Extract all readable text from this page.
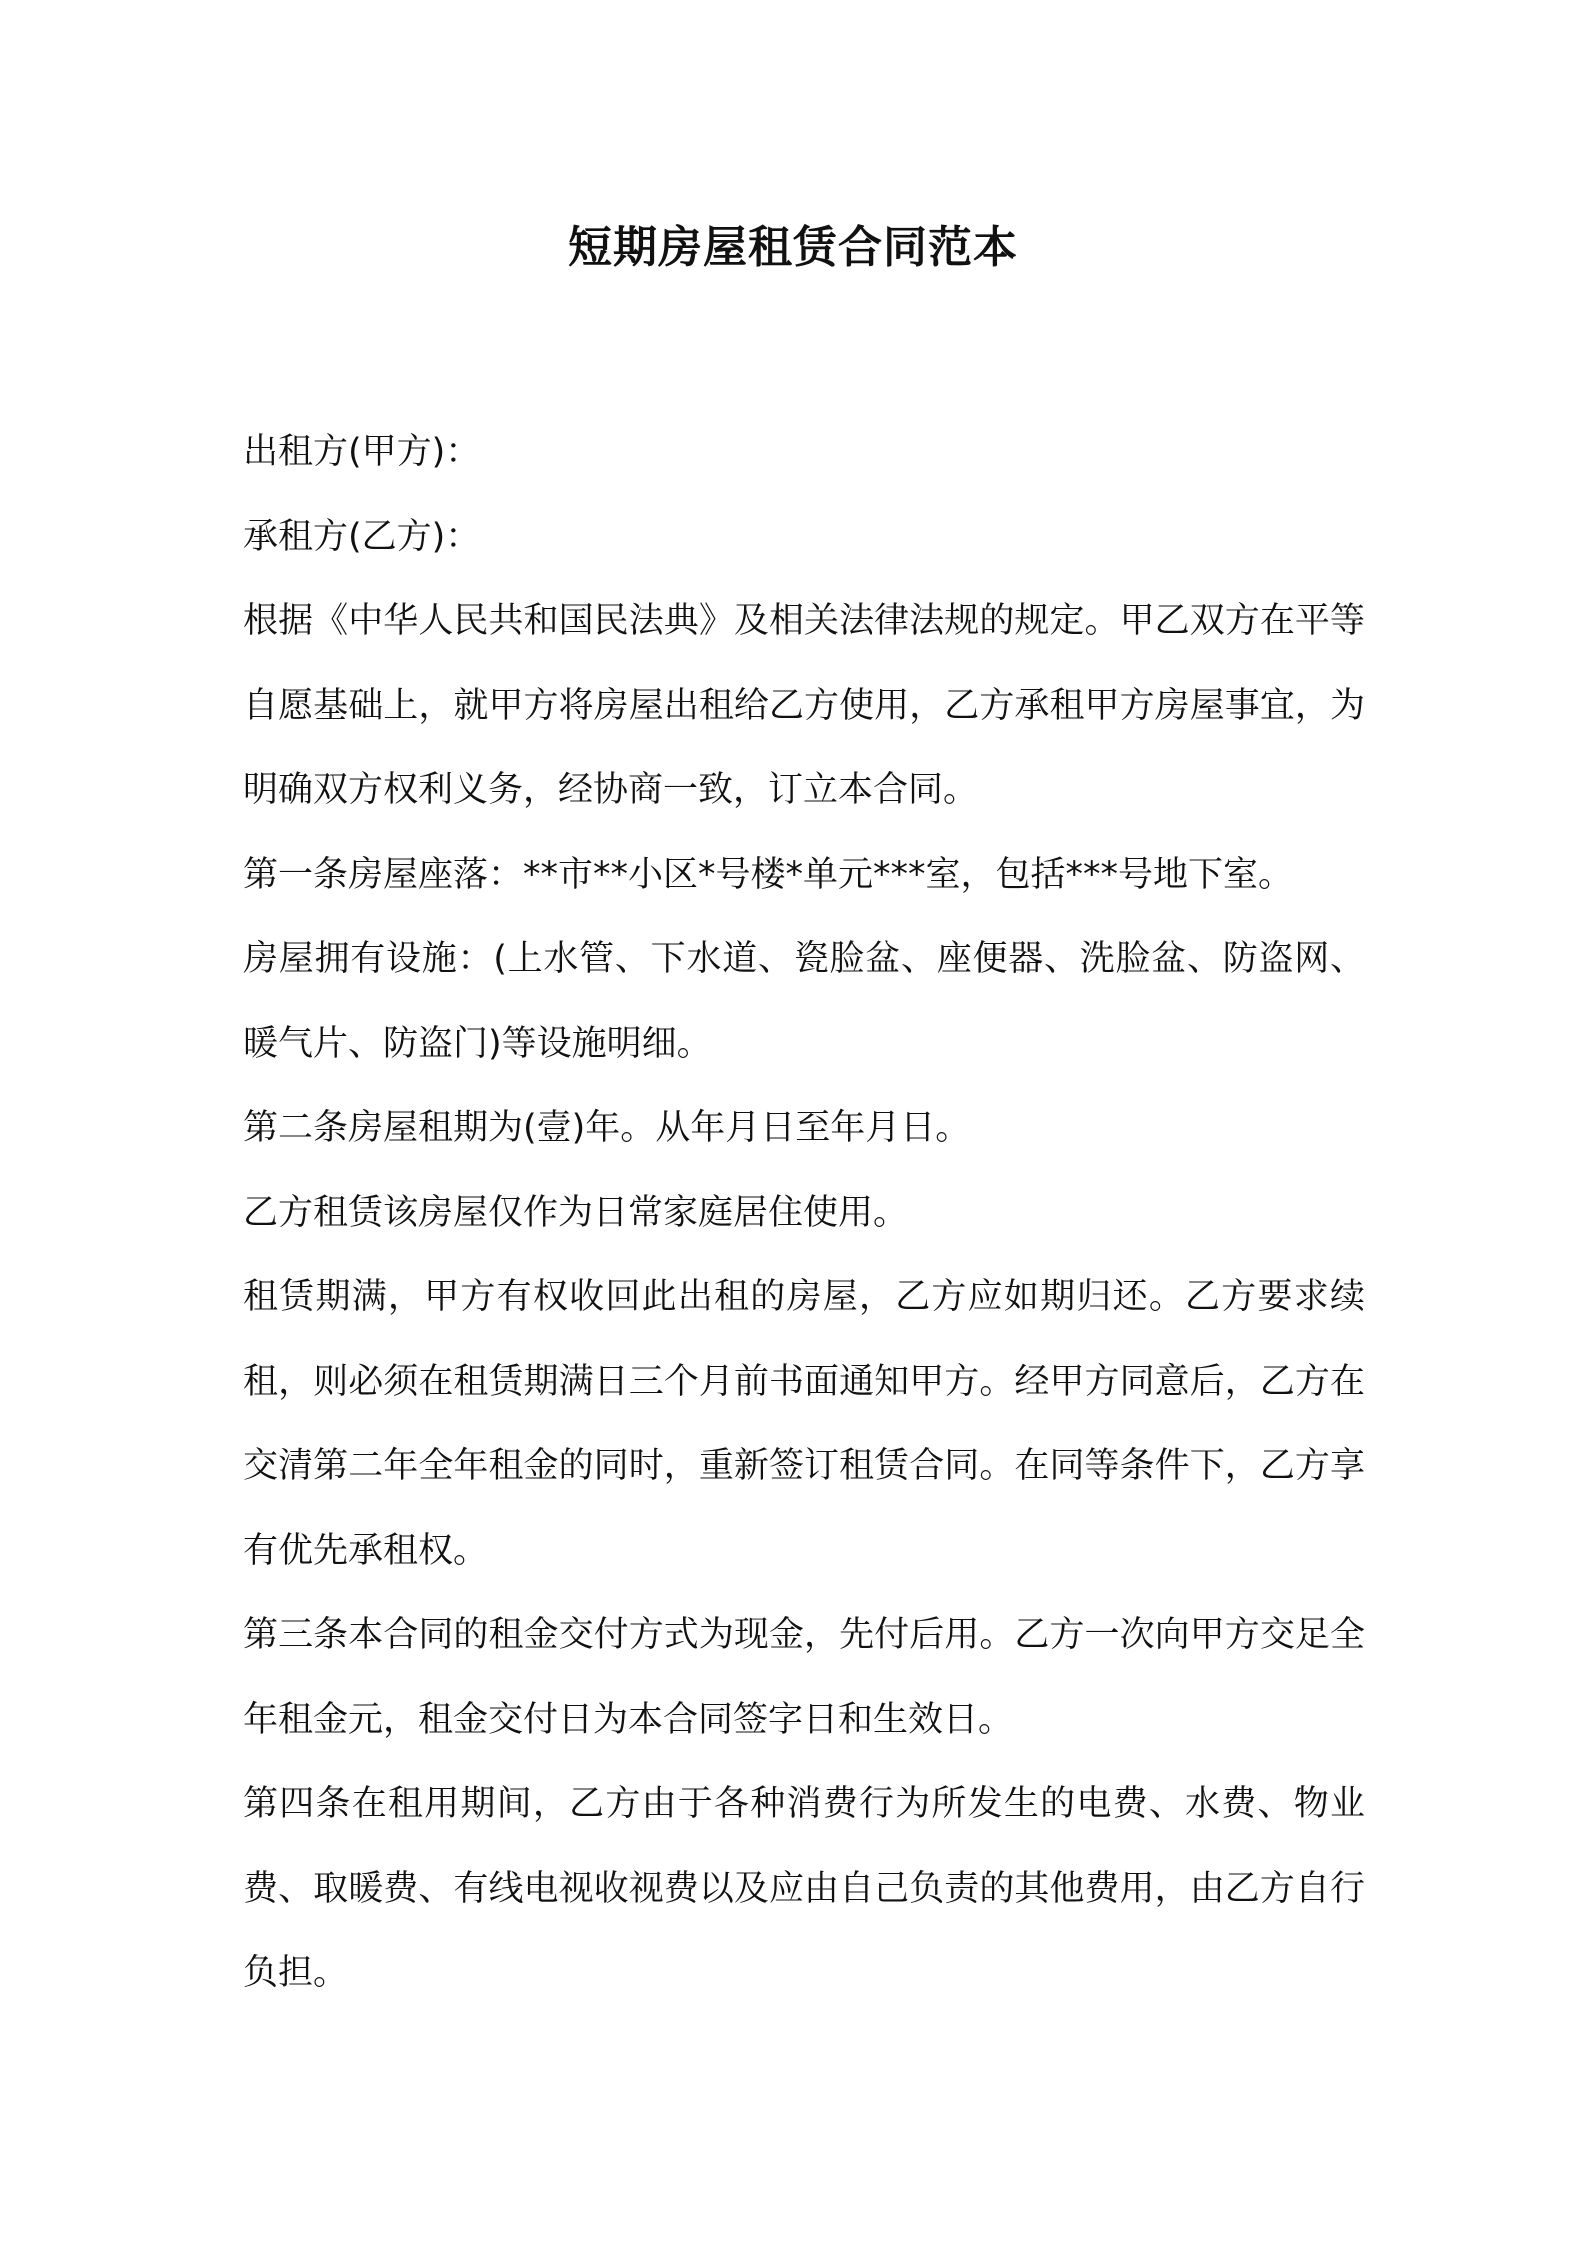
短期房屋租赁合同范本

出租方(甲方)：

承租方(乙方)：

根据《中华人民共和国民法典》及相关法律法规的规定。甲乙双方在平等自愿基础上，就甲方将房屋出租给乙方使用，乙方承租甲方房屋事宜，为明确双方权利义务，经协商一致，订立本合同。

第一条房屋座落：**市**小区*号楼*单元***室，包括***号地下室。

房屋拥有设施：(上水管、下水道、瓷脸盆、座便器、洗脸盆、防盗网、暖气片、防盗门)等设施明细。

第二条房屋租期为(壹)年。从年月日至年月日。

乙方租赁该房屋仅作为日常家庭居住使用。

租赁期满，甲方有权收回此出租的房屋，乙方应如期归还。乙方要求续租，则必须在租赁期满日三个月前书面通知甲方。经甲方同意后，乙方在交清第二年全年租金的同时，重新签订租赁合同。在同等条件下，乙方享有优先承租权。

第三条本合同的租金交付方式为现金，先付后用。乙方一次向甲方交足全年租金元，租金交付日为本合同签字日和生效日。

第四条在租用期间，乙方由于各种消费行为所发生的电费、水费、物业费、取暖费、有线电视收视费以及应由自己负责的其他费用，由乙方自行负担。
